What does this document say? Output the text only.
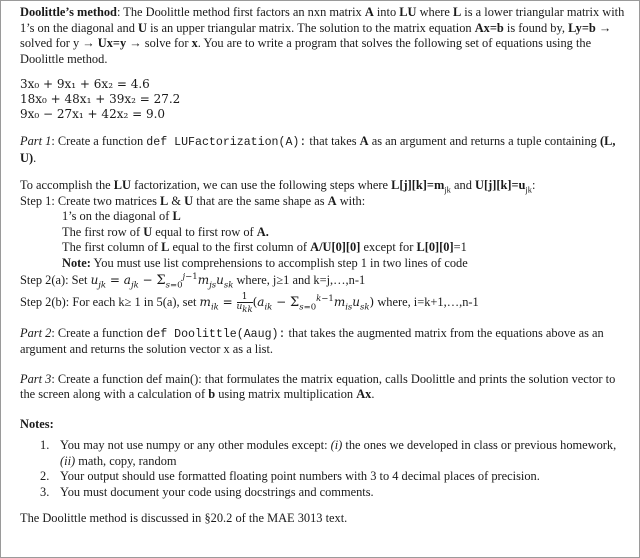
Doolittle’s method: The Doolittle method first factors an nxn matrix A into LU where L is a lower triangular matrix with 1’s on the diagonal and U is an upper triangular matrix. The solution to the matrix equation Ax=b is found by, Ly=b → solved for y → Ux=y → solve for x. You are to write a program that solves the following set of equations using the Doolittle method.

3x₀ + 9x₁ + 6x₂ = 4.6

18x₀ + 48x₁ + 39x₂ = 27.2

9x₀ − 27x₁ + 42x₂ = 9.0

Part 1: Create a function def LUFactorization(A): that takes A as an argument and returns a tuple containing (L, U).

To accomplish the LU factorization, we can use the following steps where $L[j][k]=m_{jk}$ and $U[j][k]=u_{jk}$:

Step 1: Create two matrices L & U that are the same shape as A with:

1’s on the diagonal of L

The first row of U equal to first row of A.

The first column of L equal to the first column of A/U[0][0] except for L[0][0]=1

Note: You must use list comprehensions to accomplish step 1 in two lines of code

Step 2(a): Set $u_{jk} = a_{jk} - \Sigma_{s=0}^{j-1}m_{js}u_{sk}$ where, j≥1 and k=j,…,n-1

Step 2(b): For each k≥ 1 in 5(a), set $m_{ik} = \frac{1}{u_{kk}} (a_{ik} - \Sigma_{s=0}^{k-1}m_{is}u_{sk})$ where, i=k+1,…,n-1

Part 2: Create a function def Doolittle(Aaug): that takes the augmented matrix from the equations above as an argument and returns the solution vector x as a list.

Part 3: Create a function def main(): that formulates the matrix equation, calls Doolittle and prints the solution vector to the screen along with a calculation of b using matrix multiplication Ax.

Notes:

1. You may not use numpy or any other modules except: (i) the ones we developed in class or previous homework, (ii) math, copy, random
2. Your output should use formatted floating point numbers with 3 to 4 decimal places of precision.
3. You must document your code using docstrings and comments.

The Doolittle method is discussed in §20.2 of the MAE 3013 text.
